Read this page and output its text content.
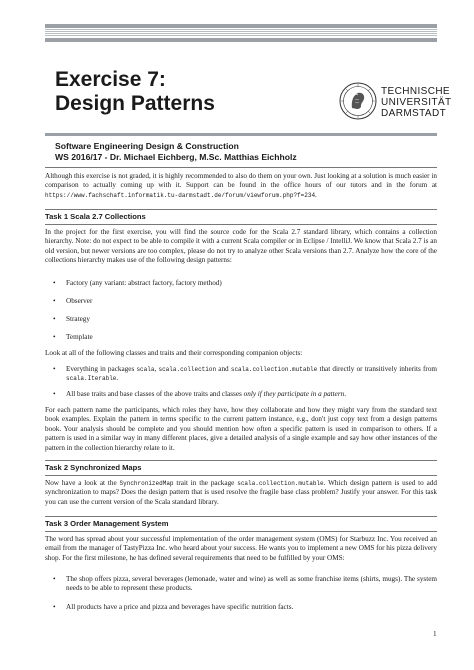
Exercise 7:
Design Patterns
TECHNISCHE
UNIVERSITÄT
DARMSTADT
Software Engineering Design & Construction
WS 2016/17 - Dr. Michael Eichberg, M.Sc. Matthias Eichholz
Although this exercise is not graded, it is highly recommended to also do them on your own. Just looking at a solution is much easier in comparison to actually coming up with it. Support can be found in the office hours of our tutors and in the forum at https://www.fachschaft.informatik.tu-darmstadt.de/forum/viewforum.php?f=234.
Task 1 Scala 2.7 Collections
In the project for the first exercise, you will find the source code for the Scala 2.7 standard library, which contains a collection hierarchy. Note: do not expect to be able to compile it with a current Scala compiler or in Eclipse / IntelliJ. We know that Scala 2.7 is an old version, but newer versions are too complex, please do not try to analyze other Scala versions than 2.7. Analyze how the core of the collections hierarchy makes use of the following design patterns:
• Factory (any variant: abstract factory, factory method)
• Observer
• Strategy
• Template
Look at all of the following classes and traits and their corresponding companion objects:
• Everything in packages scala, scala.collection and scala.collection.mutable that directly or transitively inherits from scala.Iterable.
• All base traits and base classes of the above traits and classes only if they participate in a pattern.
For each pattern name the participants, which roles they have, how they collaborate and how they might vary from the standard text book examples. Explain the pattern in terms specific to the current pattern instance, e.g., don't just copy text from a design patterns book. Your analysis should be complete and you should mention how often a specific pattern is used in comparison to others. If a pattern is used in a similar way in many different places, give a detailed analysis of a single example and say how other instances of the pattern in the collection hierarchy relate to it.
Task 2 Synchronized Maps
Now have a look at the SynchronizedMap trait in the package scala.collection.mutable. Which design pattern is used to add synchronization to maps? Does the design pattern that is used resolve the fragile base class problem? Justify your answer. For this task you can use the current version of the Scala standard library.
Task 3 Order Management System
The word has spread about your successful implementation of the order management system (OMS) for Starbuzz Inc. You received an email from the manager of TastyPizza Inc. who heard about your success. He wants you to implement a new OMS for his pizza delivery shop. For the first milestone, he has defined several requirements that need to be fulfilled by your OMS:
• The shop offers pizza, several beverages (lemonade, water and wine) as well as some franchise items (shirts, mugs). The system needs to be able to represent these products.
• All products have a price and pizza and beverages have specific nutrition facts.
1
